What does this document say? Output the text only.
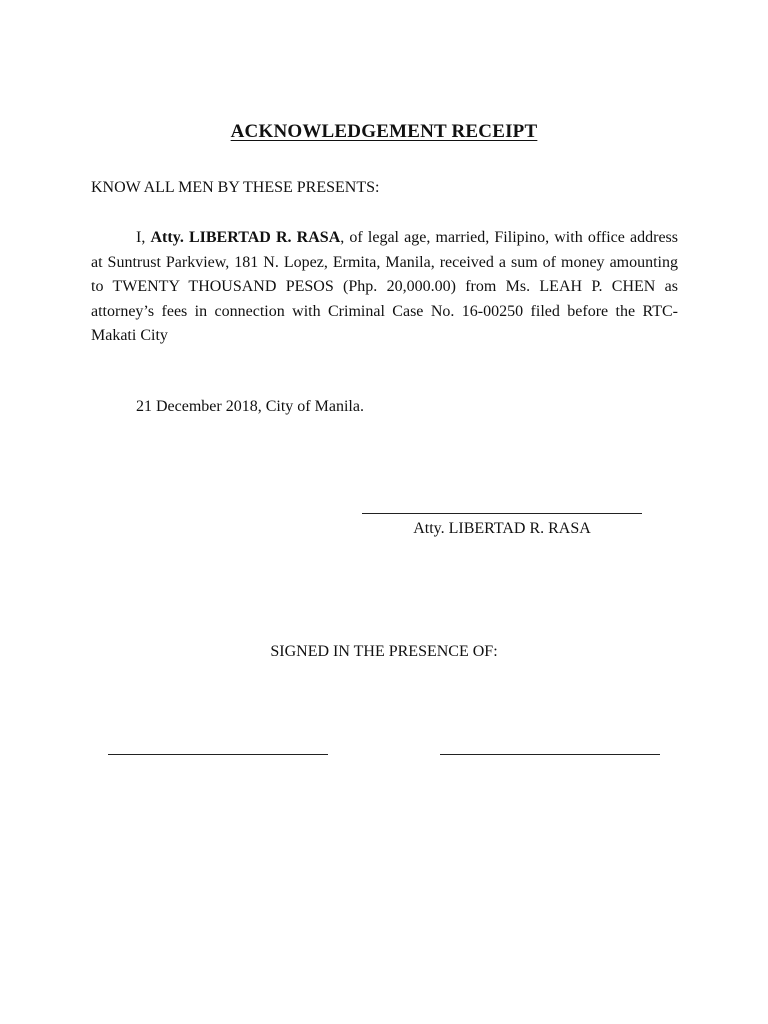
ACKNOWLEDGEMENT RECEIPT
KNOW ALL MEN BY THESE PRESENTS:

I, Atty. LIBERTAD R. RASA, of legal age, married, Filipino, with office address at Suntrust Parkview, 181 N. Lopez, Ermita, Manila, received a sum of money amounting to TWENTY THOUSAND PESOS (Php. 20,000.00) from Ms. LEAH P. CHEN as attorney’s fees in connection with Criminal Case No. 16-00250 filed before the RTC-Makati City

21 December 2018, City of Manila.
Atty. LIBERTAD R. RASA
SIGNED IN THE PRESENCE OF:
